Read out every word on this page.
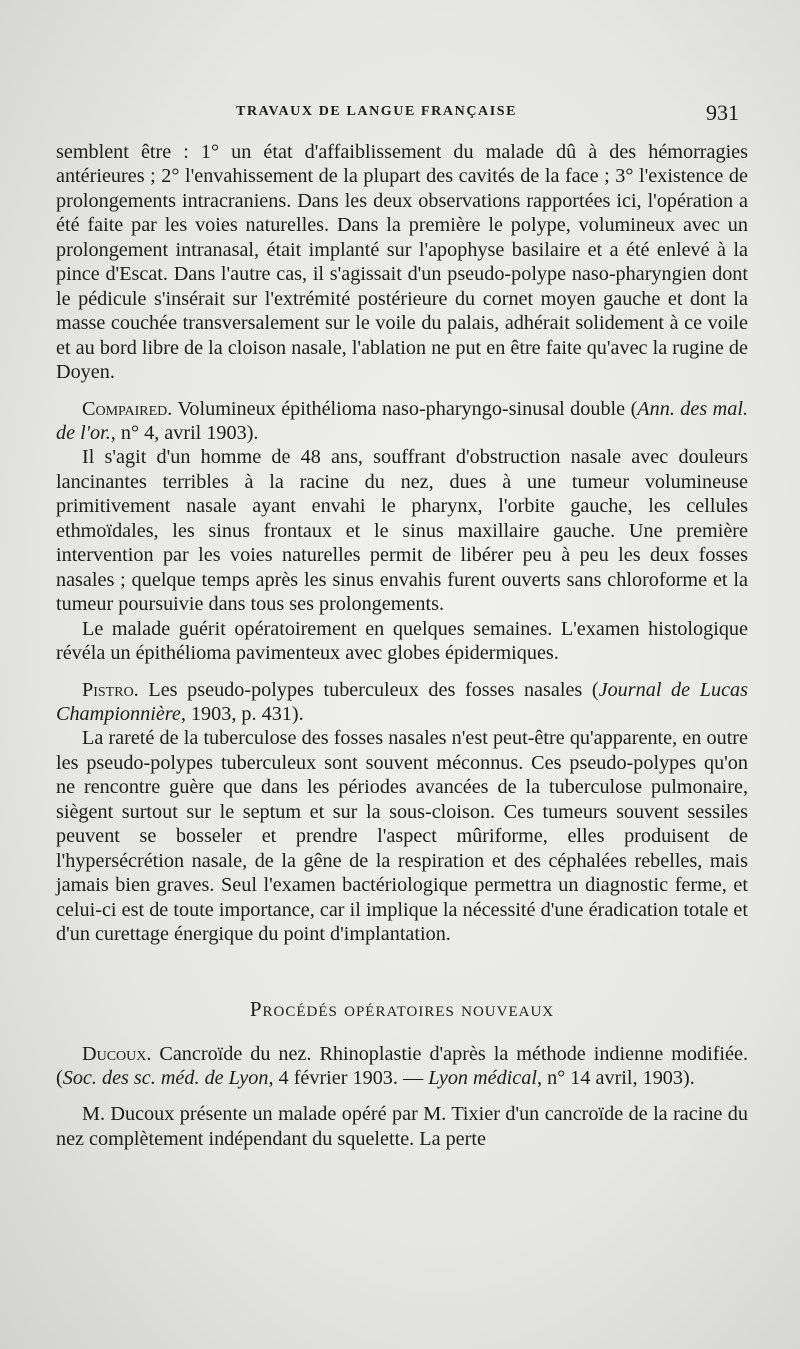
TRAVAUX DE LANGUE FRANÇAISE	931

semblent être : 1° un état d'affaiblissement du malade dû à des hémorragies antérieures ; 2° l'envahissement de la plupart des cavités de la face ; 3° l'existence de prolongements intracraniens. Dans les deux observations rapportées ici, l'opération a été faite par les voies naturelles. Dans la première le polype, volumineux avec un prolongement intranasal, était implanté sur l'apophyse basilaire et a été enlevé à la pince d'Escat. Dans l'autre cas, il s'agissait d'un pseudo-polype naso-pharyngien dont le pédicule s'insérait sur l'extrémité postérieure du cornet moyen gauche et dont la masse couchée transversalement sur le voile du palais, adhérait solidement à ce voile et au bord libre de la cloison nasale, l'ablation ne put en être faite qu'avec la rugine de Doyen.

Compaired. Volumineux épithélioma naso-pharyngo-sinusal double (Ann. des mal. de l'or., n° 4, avril 1903).

Il s'agit d'un homme de 48 ans, souffrant d'obstruction nasale avec douleurs lancinantes terribles à la racine du nez, dues à une tumeur volumineuse primitivement nasale ayant envahi le pharynx, l'orbite gauche, les cellules ethmoïdales, les sinus frontaux et le sinus maxillaire gauche. Une première intervention par les voies naturelles permit de libérer peu à peu les deux fosses nasales ; quelque temps après les sinus envahis furent ouverts sans chloroforme et la tumeur poursuivie dans tous ses prolongements.

Le malade guérit opératoirement en quelques semaines. L'examen histologique révéla un épithélioma pavimenteux avec globes épidermiques.

Pistro. Les pseudo-polypes tuberculeux des fosses nasales (Journal de Lucas Championnière, 1903, p. 431).

La rareté de la tuberculose des fosses nasales n'est peut-être qu'apparente, en outre les pseudo-polypes tuberculeux sont souvent méconnus. Ces pseudo-polypes qu'on ne rencontre guère que dans les périodes avancées de la tuberculose pulmonaire, siègent surtout sur le septum et sur la sous-cloison. Ces tumeurs souvent sessiles peuvent se bosseler et prendre l'aspect mûriforme, elles produisent de l'hypersécrétion nasale, de la gêne de la respiration et des céphalées rebelles, mais jamais bien graves. Seul l'examen bactériologique permettra un diagnostic ferme, et celui-ci est de toute importance, car il implique la nécessité d'une éradication totale et d'un curettage énergique du point d'implantation.

Procédés opératoires nouveaux

Ducoux. Cancroïde du nez. Rhinoplastie d'après la méthode indienne modifiée. (Soc. des sc. méd. de Lyon, 4 février 1903. — Lyon médical, n° 14 avril, 1903).

M. Ducoux présente un malade opéré par M. Tixier d'un cancroïde de la racine du nez complètement indépendant du squelette. La perte
